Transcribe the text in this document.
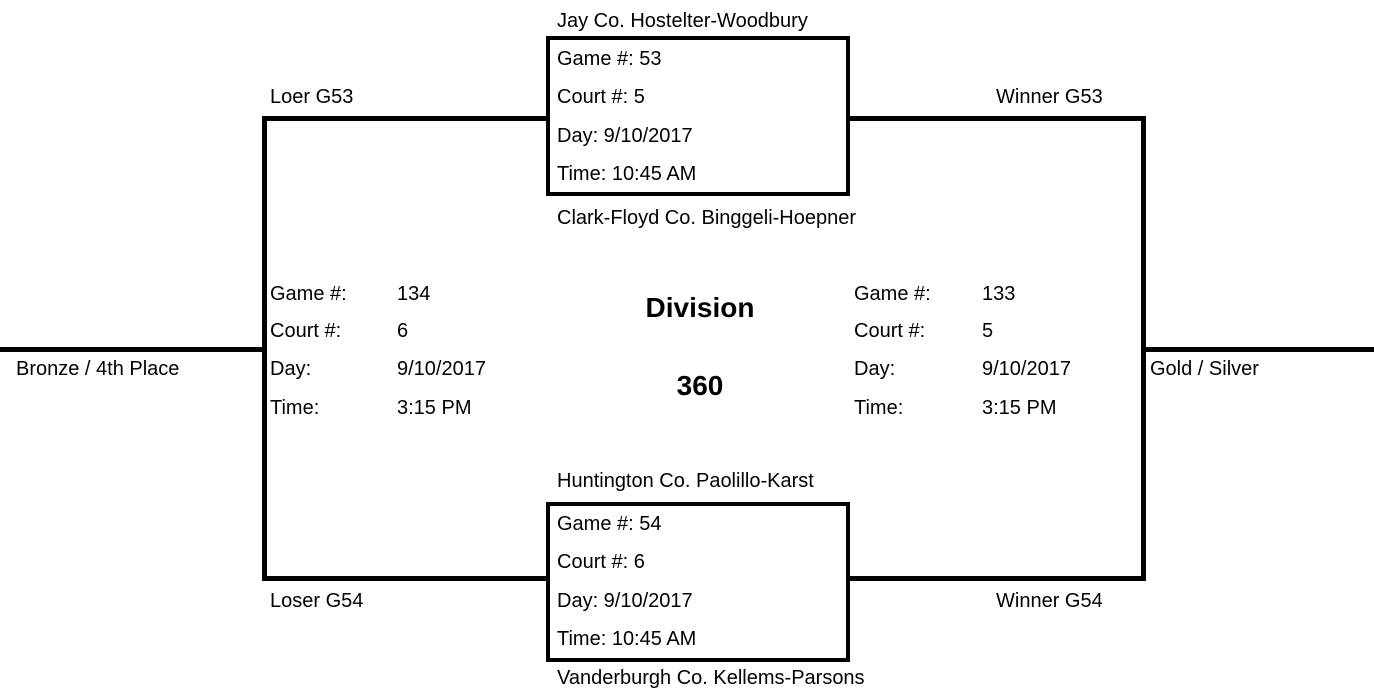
Jay Co. Hostelter-Woodbury
Game #: 53
Court #: 5
Day: 9/10/2017
Time: 10:45 AM
Clark-Floyd Co. Binggeli-Hoepner
Loer G53	Winner G53
Game #:	134
Court #:	6
Day:	9/10/2017
Time:	3:15 PM
Bronze / 4th Place
Division
360
Game #:	133
Court #:	5
Day:	9/10/2017
Time:	3:15 PM
Gold / Silver
Huntington Co. Paolillo-Karst
Game #: 54
Court #: 6
Day: 9/10/2017
Time: 10:45 AM
Vanderburgh Co. Kellems-Parsons
Loser G54	Winner G54
